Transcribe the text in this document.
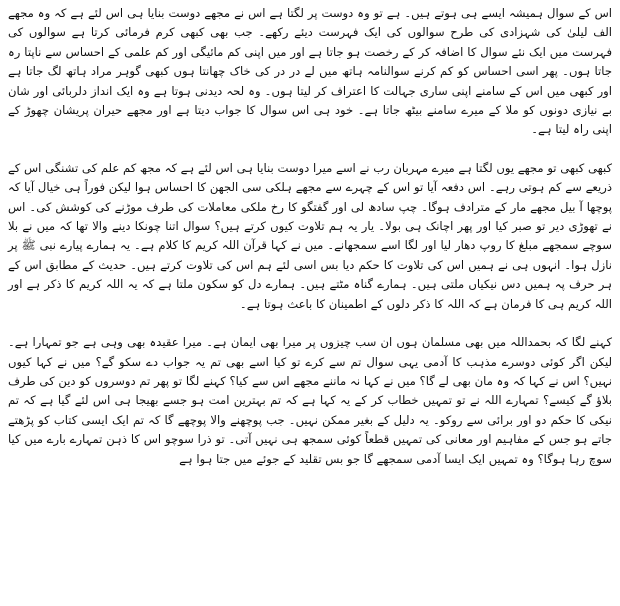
اس کے سوال ہمیشہ ایسے ہی ہوتے ہیں۔ ہے تو وہ دوست پر لگتا ہے اس نے مجھے دوست بنایا ہی اس لئے ہے کہ وہ مجھے الف لیلیٰ کی شہزادی کی طرح سوالوں کی ایک فہرست دیئے رکھے۔ جب بھی کبھی کرم فرمائی کرتا ہے سوالوں کی فہرست میں ایک نئے سوال کا اضافہ کر کے رخصت ہو جاتا ہے اور میں اپنی کم مائیگی اور کم علمی کے احساس سے ناپتا رہ جاتا ہوں۔ پھر اسی احساس کو کم کرنے سوالنامہ ہاتھ میں لے در در کی خاک چھانتا ہوں کبھی گوہر مراد ہاتھ لگ جاتا ہے اور کبھی میں اس کے سامنے اپنی ساری جہالت کا اعتراف کر لیتا ہوں۔ وہ لحہ دیدنی ہوتا ہے وہ ایک انداز دلربائی اور شان بے نیازی دونوں کو ملا کے میرے سامنے بیٹھ جاتا ہے۔ خود ہی اس سوال کا جواب دیتا ہے اور مجھے حیران پریشان چھوڑ کے اپنی راہ لیتا ہے۔

کبھی کبھی تو مجھے یوں لگتا ہے میرے مہربان رب نے اسے میرا دوست بنایا ہی اس لئے ہے کہ مجھ کم علم کی تشنگی اس کے ذریعے سے کم ہوتی رہے۔ اس دفعہ آیا تو اس کے چہرے سے مجھے ہلکی سی الجھن کا احساس ہوا لیکن فوراً ہی خیال آیا کہ پوچھا آ بیل مجھے مار کے مترادف ہوگا۔ چپ سادھ لی اور گفتگو کا رخ ملکی معاملات کی طرف موڑنے کی کوشش کی۔ اس نے تھوڑی دیر تو صبر کیا اور پھر اچانک ہی بولا۔ یار یہ ہم تلاوت کیوں کرتے ہیں؟ سوال اتنا چونکا دینے والا تھا کہ میں نے بلا سوچے سمجھے مبلغ کا روپ دھار لیا اور لگا اسے سمجھانے۔ میں نے کہا قرآن اللہ کریم کا کلام ہے۔ یہ ہمارے پیارے نبی ﷺ پر نازل ہوا۔ انہوں ہی نے ہمیں اس کی تلاوت کا حکم دیا بس اسی لئے ہم اس کی تلاوت کرتے ہیں۔ حدیث کے مطابق اس کے ہر حرف پہ ہمیں دس نیکیاں ملتی ہیں۔ ہمارے گناہ مٹتے ہیں۔ ہمارے دل کو سکون ملتا ہے کہ یہ اللہ کریم کا ذکر ہے اور اللہ کریم ہی کا فرمان ہے کہ اللہ کا ذکر دلوں کے اطمینان کا باعث ہوتا ہے۔

کہنے لگا کہ بحمداللہ میں بھی مسلمان ہوں ان سب چیزوں پر میرا بھی ایمان ہے۔ میرا عقیدہ بھی وہی ہے جو تمہارا ہے۔ لیکن اگر کوئی دوسرے مذہب کا آدمی یہی سوال تم سے کرے تو کیا اسے بھی تم یہ جواب دے سکو گے؟ میں نے کہا کیوں نہیں؟ اس نے کہا کہ وہ مان بھی لے گا؟ میں نے کہا نہ ماننے مجھے اس سے کیا؟ کہنے لگا تو پھر تم دوسروں کو دین کی طرف بلاؤ گے کیسے؟ تمہارے اللہ نے تو تمہیں خطاب کر کے یہ کہا ہے کہ تم بہترین امت ہو جسے بھیجا ہی اس لئے گیا ہے کہ تم نیکی کا حکم دو اور برائی سے روکو۔ یہ دلیل کے بغیر ممکن نہیں۔ جب پوچھنے والا پوچھے گا کہ تم ایک ایسی کتاب کو پڑھتے جاتے ہو جس کے مفاہیم اور معانی کی تمہیں قطعاً کوئی سمجھ ہی نہیں آتی۔ تو ذرا سوچو اس کا ذہن تمہارے بارے میں کیا سوچ رہا ہوگا؟ وہ تمہیں ایک ایسا آدمی سمجھے گا جو بس تقلید کے جوئے میں جتا ہوا ہے
